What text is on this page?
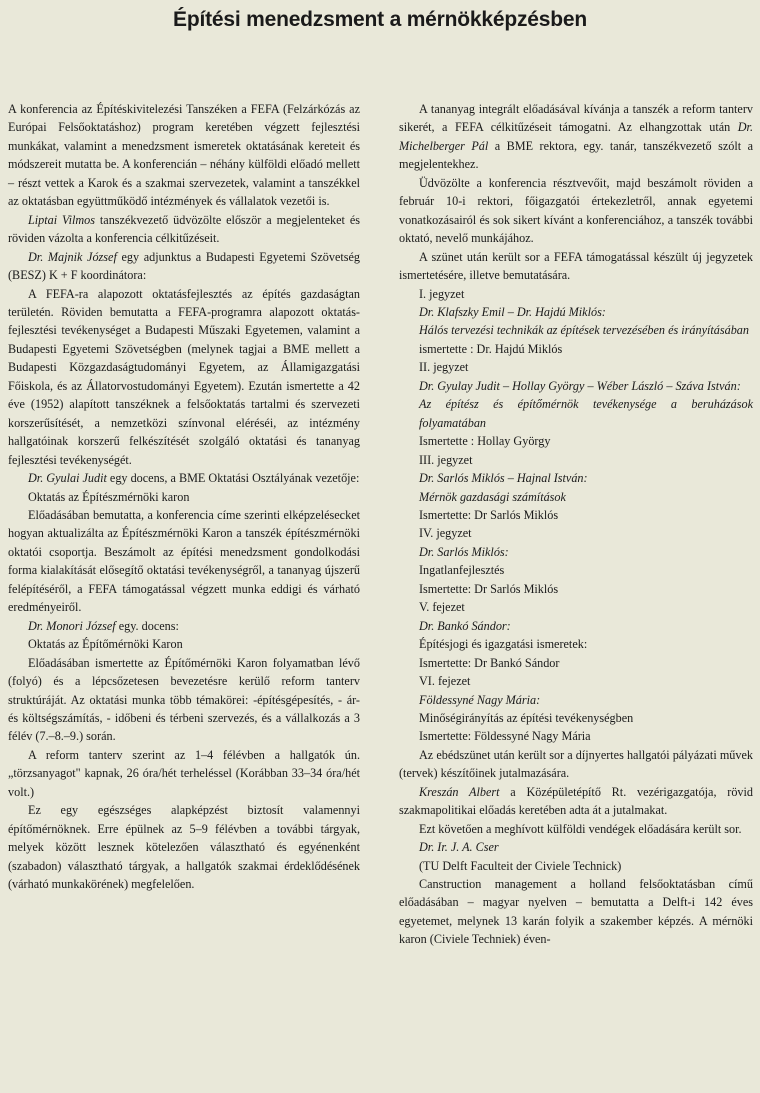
Építési menedzsment a mérnökképzésben

A konferencia az Építéskivitelezési Tanszéken a FEFA (Felzárkózás az Európai Felsőoktatáshoz) program keretében végzett fejlesztési munkákat, valamint a menedzsment ismeretek oktatásának kereteit és módszereit mutatta be. A konferencián – néhány külföldi előadó mellett – részt vettek a Karok és a szakmai szervezetek, valamint a tanszékkel az oktatásban együttműködő intézmények és vállalatok vezetői is.

Liptai Vilmos tanszékvezető üdvözölte először a megjelenteket és röviden vázolta a konferencia célkitűzéseit.

Dr. Majnik József egy adjunktus a Budapesti Egyetemi Szövetség (BESZ) K + F koordinátora:

A FEFA-ra alapozott oktatásfejlesztés az építés gazdaságtan területén. Röviden bemutatta a FEFA-programra alapozott oktatás-fejlesztési tevékenységet a Budapesti Műszaki Egyetemen, valamint a Budapesti Egyetemi Szövetségben (melynek tagjai a BME mellett a Budapesti Közgazdaságtudományi Egyetem, az Államigazgatási Főiskola, és az Állatorvostudományi Egyetem). Ezután ismertette a 42 éve (1952) alapított tanszéknek a felsőoktatás tartalmi és szervezeti korszerűsítését, a nemzetközi színvonal eléréséi, az intézmény hallgatóinak korszerű felkészítését szolgáló oktatási és tananyag fejlesztési tevékenységét.

Dr. Gyulai Judit egy docens, a BME Oktatási Osztályának vezetője:

Oktatás az Építészmérnöki karon

Előadásában bemutatta, a konferencia címe szerinti elképzelésecket hogyan aktualizálta az Építészmérnöki Karon a tanszék építészmérnöki oktatói csoportja. Beszámolt az építési menedzsment gondolkodási forma kialakítását elősegítő oktatási tevékenységről, a tananyag újszerű felépítéséről, a FEFA támogatással végzett munka eddigi és várható eredményeiről.

Dr. Monori József egy. docens:

Oktatás az Építőmérnöki Karon

Előadásában ismertette az Építőmérnöki Karon folyamatban lévő (folyó) és a lépcsőzetesen bevezetésre kerülő reform tanterv struktúráját. Az oktatási munka több témakörei: -építésgépesítés, - ár- és költségszámítás, - időbeni és térbeni szervezés, és a vállalkozás a 3 félév (7.–8.–9.) során.

A reform tanterv szerint az 1–4 félévben a hallgatók ún. „törzsanyagot" kapnak, 26 óra/hét terheléssel (Korábban 33–34 óra/hét volt.)

Ez egy egészséges alapképzést biztosít valamennyi építőmérnöknek. Erre épülnek az 5–9 félévben a további tárgyak, melyek között lesznek kötelezően választható és egyénenként (szabadon) választható tárgyak, a hallgatók szakmai érdeklődésének (várható munkakörének) megfelelően.

A tananyag integrált előadásával kívánja a tanszék a reform tanterv sikerét, a FEFA célkitűzéseit támogatni. Az elhangzottak után Dr. Michelberger Pál a BME rektora, egy. tanár, tanszékvezető szólt a megjelentekhez.

Üdvözölte a konferencia résztvevőit, majd beszámolt röviden a február 10-i rektori, főigazgatói értekezletről, annak egyetemi vonatkozásairól és sok sikert kívánt a konferenciához, a tanszék további oktató, nevelő munkájához.

A szünet után került sor a FEFA támogatással készült új jegyzetek ismertetésére, illetve bemutatására.

I. jegyzet

Dr. Klafszky Emil – Dr. Hajdú Miklós:

Hálós tervezési technikák az építések tervezésében és irányításában

ismertette : Dr. Hajdú Miklós

II. jegyzet

Dr. Gyulay Judit – Hollay György – Wéber László – Száva István:

Az építész és építőmérnök tevékenysége a beruházások folyamatában

Ismertette : Hollay György

III. jegyzet

Dr. Sarlós Miklós – Hajnal István:

Mérnök gazdasági számítások

Ismertette: Dr Sarlós Miklós

IV. jegyzet

Dr. Sarlós Miklós:

Ingatlanfejlesztés

Ismertette: Dr Sarlós Miklós

V. fejezet

Dr. Bankó Sándor:

Építésjogi és igazgatási ismeretek:

Ismertette: Dr Bankó Sándor

VI. fejezet

Földessyné Nagy Mária:

Minőségirányítás az építési tevékenységben

Ismertette: Földessyné Nagy Mária

Az ebédszünet után került sor a díjnyertes hallgatói pályázati művek (tervek) készítőinek jutalmazására.

Kreszán Albert a Középületépítő Rt. vezérigazgatója, rövid szakmapolitikai előadás keretében adta át a jutalmakat.

Ezt követően a meghívott külföldi vendégek előadására került sor.

Dr. Ir. J. A. Cser

(TU Delft Faculteit der Civiele Technick)

Canstruction management a holland felsőoktatásban című előadásában – magyar nyelven – bemutatta a Delft-i 142 éves egyetemet, melynek 13 karán folyik a szakember képzés. A mérnöki karon (Civiele Techniek) éven-
